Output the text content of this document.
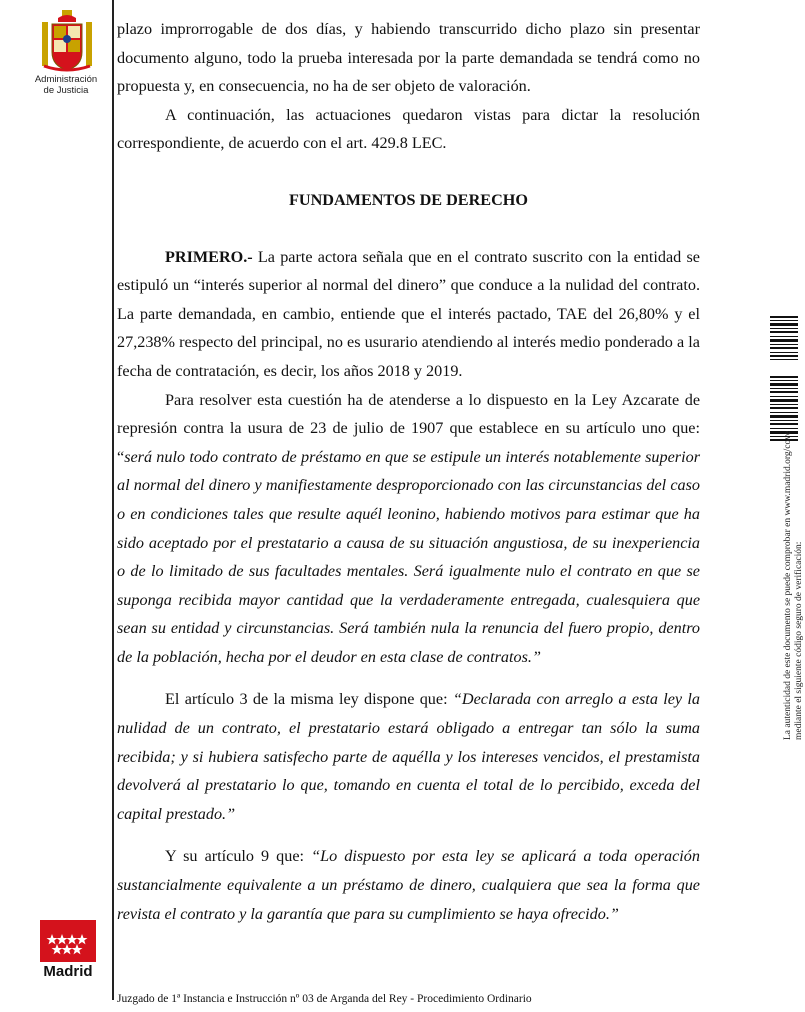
Administración
de Justicia
Madrid

plazo improrrogable de dos días, y habiendo transcurrido dicho plazo sin presentar documento alguno, todo la prueba interesada por la parte demandada se tendrá como no propuesta y, en consecuencia, no ha de ser objeto de valoración.

A continuación, las actuaciones quedaron vistas para dictar la resolución correspondiente, de acuerdo con el art. 429.8 LEC.

FUNDAMENTOS DE DERECHO

PRIMERO.- La parte actora señala que en el contrato suscrito con la entidad se estipuló un “interés superior al normal del dinero” que conduce a la nulidad del contrato. La parte demandada, en cambio, entiende que el interés pactado, TAE del 26,80% y el 27,238% respecto del principal, no es usurario atendiendo al interés medio ponderado a la fecha de contratación, es decir, los años 2018 y 2019.

Para resolver esta cuestión ha de atenderse a lo dispuesto en la Ley Azcarate de represión contra la usura de 23 de julio de 1907 que establece en su artículo uno que: “será nulo todo contrato de préstamo en que se estipule un interés notablemente superior al normal del dinero y manifiestamente desproporcionado con las circunstancias del caso o en condiciones tales que resulte aquél leonino, habiendo motivos para estimar que ha sido aceptado por el prestatario a causa de su situación angustiosa, de su inexperiencia o de lo limitado de sus facultades mentales. Será igualmente nulo el contrato en que se suponga recibida mayor cantidad que la verdaderamente entregada, cualesquiera que sean su entidad y circunstancias. Será también nula la renuncia del fuero propio, dentro de la población, hecha por el deudor en esta clase de contratos.”

El artículo 3 de la misma ley dispone que: “Declarada con arreglo a esta ley la nulidad de un contrato, el prestatario estará obligado a entregar tan sólo la suma recibida; y si hubiera satisfecho parte de aquélla y los intereses vencidos, el prestamista devolverá al prestatario lo que, tomando en cuenta el total de lo percibido, exceda del capital prestado.”

Y su artículo 9 que: “Lo dispuesto por esta ley se aplicará a toda operación sustancialmente equivalente a un préstamo de dinero, cualquiera que sea la forma que revista el contrato y la garantía que para su cumplimiento se haya ofrecido.”

Juzgado de 1ª Instancia e Instrucción nº 03 de Arganda del Rey - Procedimiento Ordinario
La autenticidad de este documento se puede comprobar en www.madrid.org/cove mediante el siguiente código seguro de verificación:
